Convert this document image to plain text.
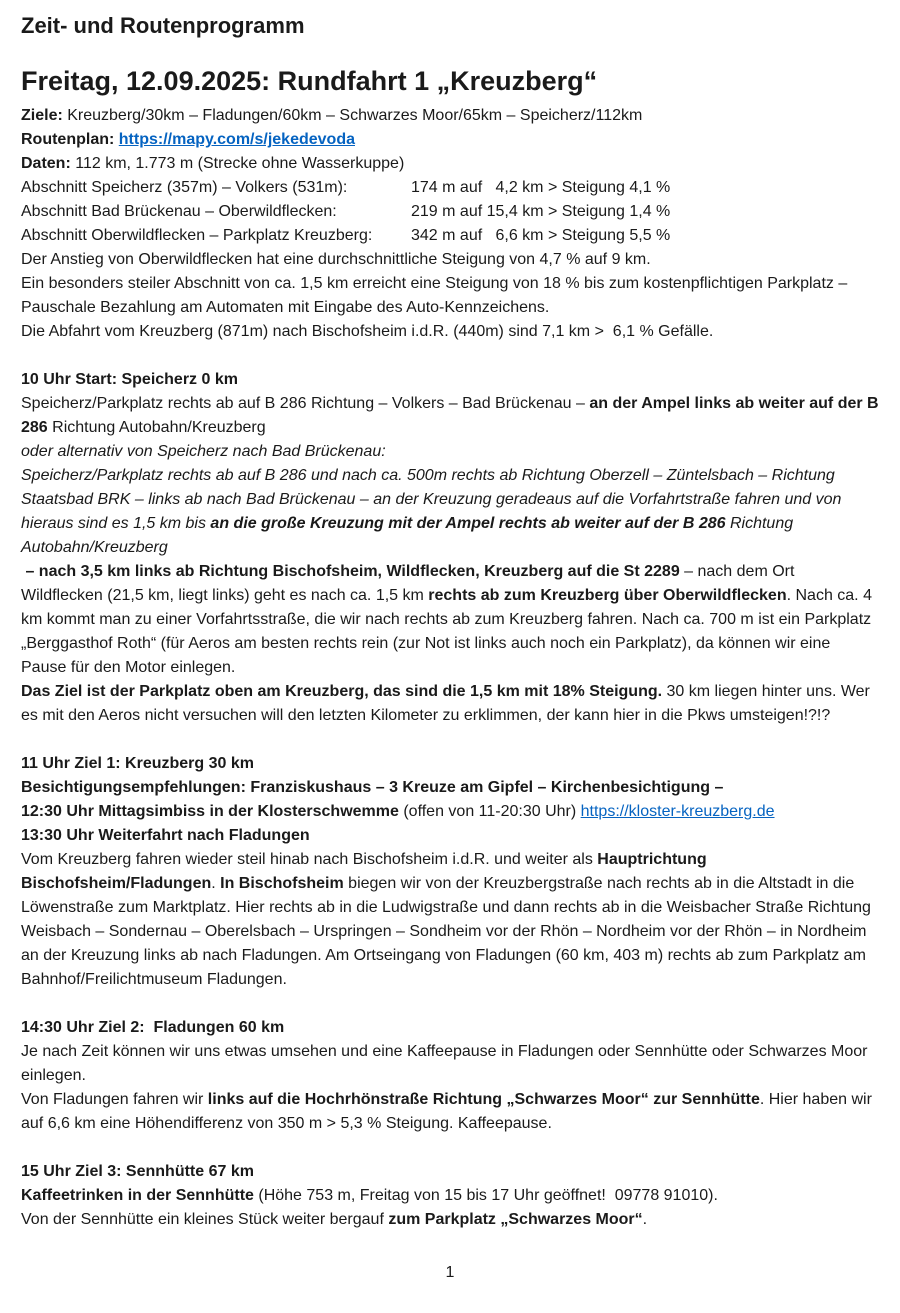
Zeit- und Routenprogramm
Freitag, 12.09.2025: Rundfahrt 1 „Kreuzberg“

Ziele: Kreuzberg/30km – Fladungen/60km – Schwarzes Moor/65km – Speicherz/112km

Routenplan: https://mapy.com/s/jekedevoda

Daten: 112 km, 1.773 m (Strecke ohne Wasserkuppe)

Abschnitt Speicherz (357m) – Volkers (531m):	174 m auf   4,2 km > Steigung 4,1 %

Abschnitt Bad Brückenau – Oberwildflecken:	219 m auf 15,4 km > Steigung 1,4 %

Abschnitt Oberwildflecken – Parkplatz Kreuzberg: 342 m auf   6,6 km > Steigung 5,5 %

Der Anstieg von Oberwildflecken hat eine durchschnittliche Steigung von 4,7 % auf 9 km.

Ein besonders steiler Abschnitt von ca. 1,5 km erreicht eine Steigung von 18 % bis zum kostenpflichtigen Parkplatz – Pauschale Bezahlung am Automaten mit Eingabe des Auto-Kennzeichens.

Die Abfahrt vom Kreuzberg (871m) nach Bischofsheim i.d.R. (440m) sind 7,1 km >  6,1 % Gefälle.

10 Uhr Start: Speicherz 0 km

Speicherz/Parkplatz rechts ab auf B 286 Richtung – Volkers – Bad Brückenau – an der Ampel links ab weiter auf der B 286 Richtung Autobahn/Kreuzberg

oder alternativ von Speicherz nach Bad Brückenau:

Speicherz/Parkplatz rechts ab auf B 286 und nach ca. 500m rechts ab Richtung Oberzell – Züntelsbach – Richtung Staatsbad BRK – links ab nach Bad Brückenau – an der Kreuzung geradeaus auf die Vorfahrtstraße fahren und von hieraus sind es 1,5 km bis an die große Kreuzung mit der Ampel rechts ab weiter auf der B 286 Richtung Autobahn/Kreuzberg

– nach 3,5 km links ab Richtung Bischofsheim, Wildflecken, Kreuzberg auf die St 2289 – nach dem Ort Wildflecken (21,5 km, liegt links) geht es nach ca. 1,5 km rechts ab zum Kreuzberg über Oberwildflecken. Nach ca. 4 km kommt man zu einer Vorfahrtsstraße, die wir nach rechts ab zum Kreuzberg fahren. Nach ca. 700 m ist ein Parkplatz „Berggasthof Roth“ (für Aeros am besten rechts rein (zur Not ist links auch noch ein Parkplatz), da können wir eine Pause für den Motor einlegen.

Das Ziel ist der Parkplatz oben am Kreuzberg, das sind die 1,5 km mit 18% Steigung. 30 km liegen hinter uns. Wer es mit den Aeros nicht versuchen will den letzten Kilometer zu erklimmen, der kann hier in die Pkws umsteigen!?!?

11 Uhr Ziel 1: Kreuzberg 30 km

Besichtigungsempfehlungen: Franziskushaus – 3 Kreuze am Gipfel – Kirchenbesichtigung –

12:30 Uhr Mittagsimbiss in der Klosterschwemme (offen von 11-20:30 Uhr) https://kloster-kreuzberg.de

13:30 Uhr Weiterfahrt nach Fladungen

Vom Kreuzberg fahren wieder steil hinab nach Bischofsheim i.d.R. und weiter als Hauptrichtung Bischofsheim/Fladungen. In Bischofsheim biegen wir von der Kreuzbergstraße nach rechts ab in die Altstadt in die Löwenstraße zum Marktplatz. Hier rechts ab in die Ludwigstraße und dann rechts ab in die Weisbacher Straße Richtung Weisbach – Sondernau – Oberelsbach – Urspringen – Sondheim vor der Rhön – Nordheim vor der Rhön – in Nordheim an der Kreuzung links ab nach Fladungen. Am Ortseingang von Fladungen (60 km, 403 m) rechts ab zum Parkplatz am Bahnhof/Freilichtmuseum Fladungen.

14:30 Uhr Ziel 2:  Fladungen 60 km

Je nach Zeit können wir uns etwas umsehen und eine Kaffeepause in Fladungen oder Sennhütte oder Schwarzes Moor einlegen.

Von Fladungen fahren wir links auf die Hochrhönstraße Richtung „Schwarzes Moor“ zur Sennhütte. Hier haben wir auf 6,6 km eine Höhendifferenz von 350 m > 5,3 % Steigung. Kaffeepause.

15 Uhr Ziel 3: Sennhütte 67 km

Kaffeetrinken in der Sennhütte (Höhe 753 m, Freitag von 15 bis 17 Uhr geöffnet!  09778 91010).

Von der Sennhütte ein kleines Stück weiter bergauf zum Parkplatz „Schwarzes Moor“.

1
